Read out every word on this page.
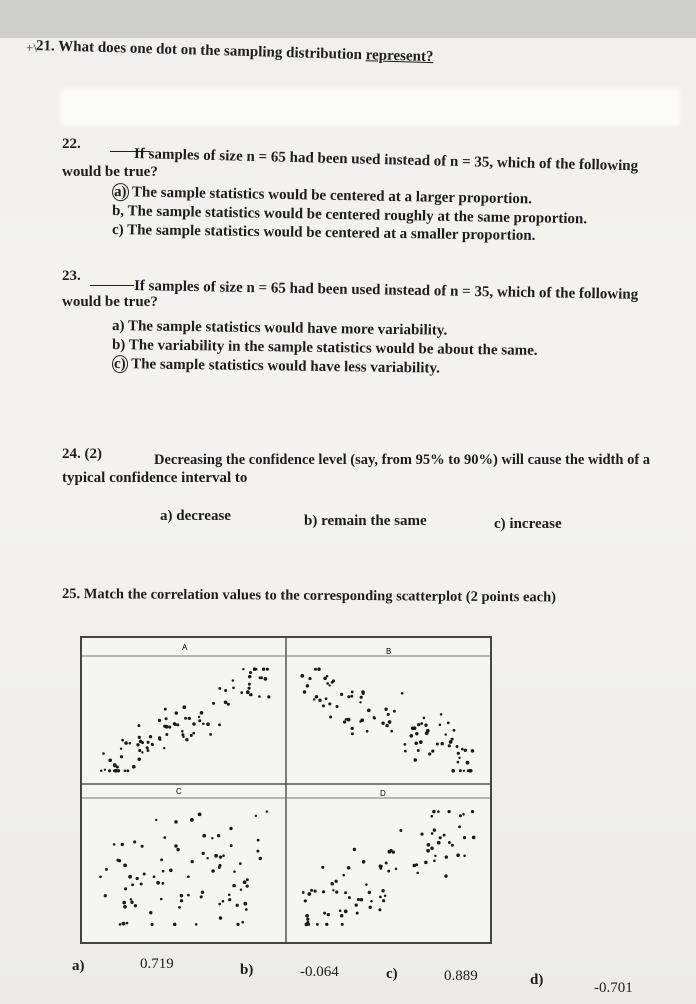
+\
21. What does one dot on the sampling distribution represent?
22.
If samples of size n = 65 had been used instead of n = 35, which of the following
would be true?
a) The sample statistics would be centered at a larger proportion.
b, The sample statistics would be centered roughly at the same proportion.
c) The sample statistics would be centered at a smaller proportion.
23.
If samples of size n = 65 had been used instead of n = 35, which of the following
would be true?
a) The sample statistics would have more variability.
b) The variability in the sample statistics would be about the same.
c) The sample statistics would have less variability.
24. (2)	Decreasing the confidence level (say, from 95% to 90%) will cause the width of a
typical confidence interval to
a) decrease	b) remain the same	c) increase
25. Match the correlation values to the corresponding scatterplot (2 points each)
A	B
C	D
a)	0.719	b)	-0.064	c)	0.889	d)	-0.701
